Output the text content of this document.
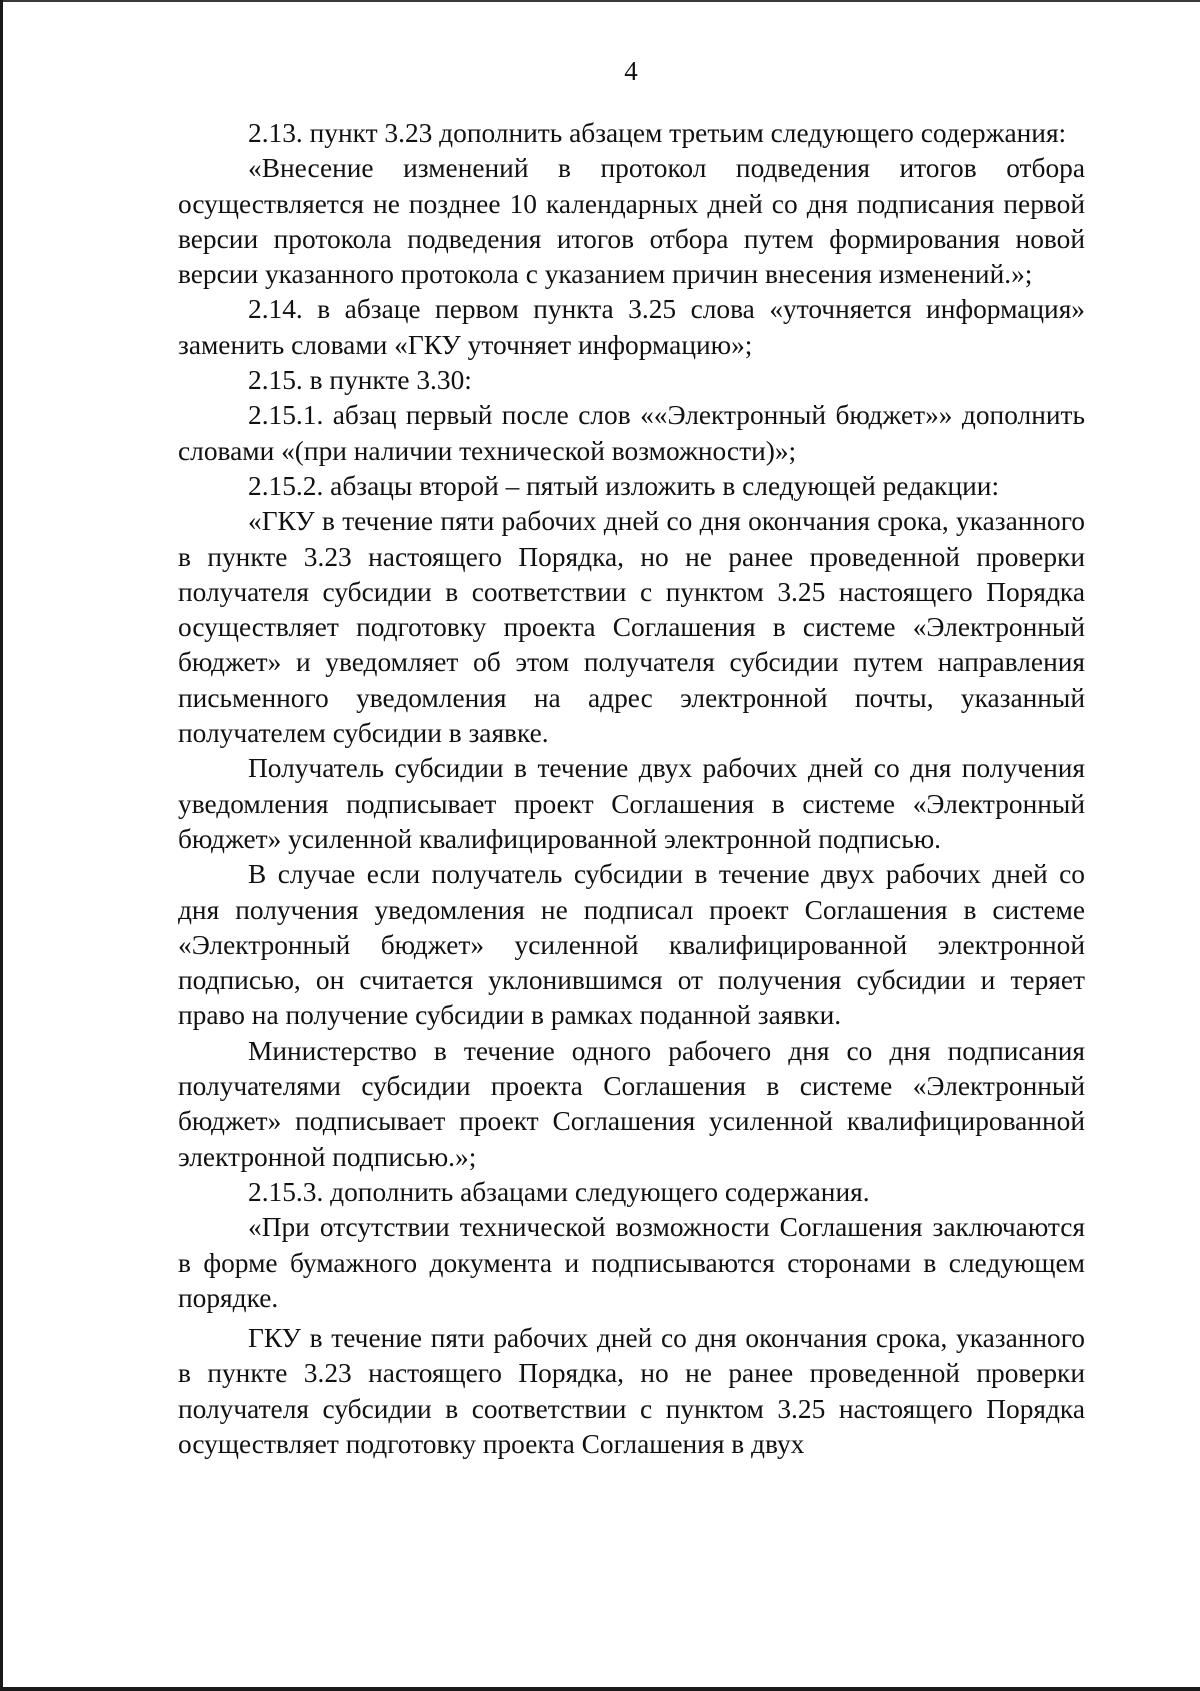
4

2.13. пункт 3.23 дополнить абзацем третьим следующего содержания:

«Внесение изменений в протокол подведения итогов отбора осуществляется не позднее 10 календарных дней со дня подписания первой версии протокола подведения итогов отбора путем формирования новой версии указанного протокола с указанием причин внесения изменений.»;

2.14. в абзаце первом пункта 3.25 слова «уточняется информация» заменить словами «ГКУ уточняет информацию»;

2.15. в пункте 3.30:

2.15.1. абзац первый после слов ««Электронный бюджет»» дополнить словами «(при наличии технической возможности)»;

2.15.2. абзацы второй – пятый изложить в следующей редакции:

«ГКУ в течение пяти рабочих дней со дня окончания срока, указанного в пункте 3.23 настоящего Порядка, но не ранее проведенной проверки получателя субсидии в соответствии с пунктом 3.25 настоящего Порядка осуществляет подготовку проекта Соглашения в системе «Электронный бюджет» и уведомляет об этом получателя субсидии путем направления письменного уведомления на адрес электронной почты, указанный получателем субсидии в заявке.

Получатель субсидии в течение двух рабочих дней со дня получения уведомления подписывает проект Соглашения в системе «Электронный бюджет» усиленной квалифицированной электронной подписью.

В случае если получатель субсидии в течение двух рабочих дней со дня получения уведомления не подписал проект Соглашения в системе «Электронный бюджет» усиленной квалифицированной электронной подписью, он считается уклонившимся от получения субсидии и теряет право на получение субсидии в рамках поданной заявки.

Министерство в течение одного рабочего дня со дня подписания получателями субсидии проекта Соглашения в системе «Электронный бюджет» подписывает проект Соглашения усиленной квалифицированной электронной подписью.»;

2.15.3. дополнить абзацами следующего содержания.

«При отсутствии технической возможности Соглашения заключаются в форме бумажного документа и подписываются сторонами в следующем порядке.

ГКУ в течение пяти рабочих дней со дня окончания срока, указанного в пункте 3.23 настоящего Порядка, но не ранее проведенной проверки получателя субсидии в соответствии с пунктом 3.25 настоящего Порядка осуществляет подготовку проекта Соглашения в двух
